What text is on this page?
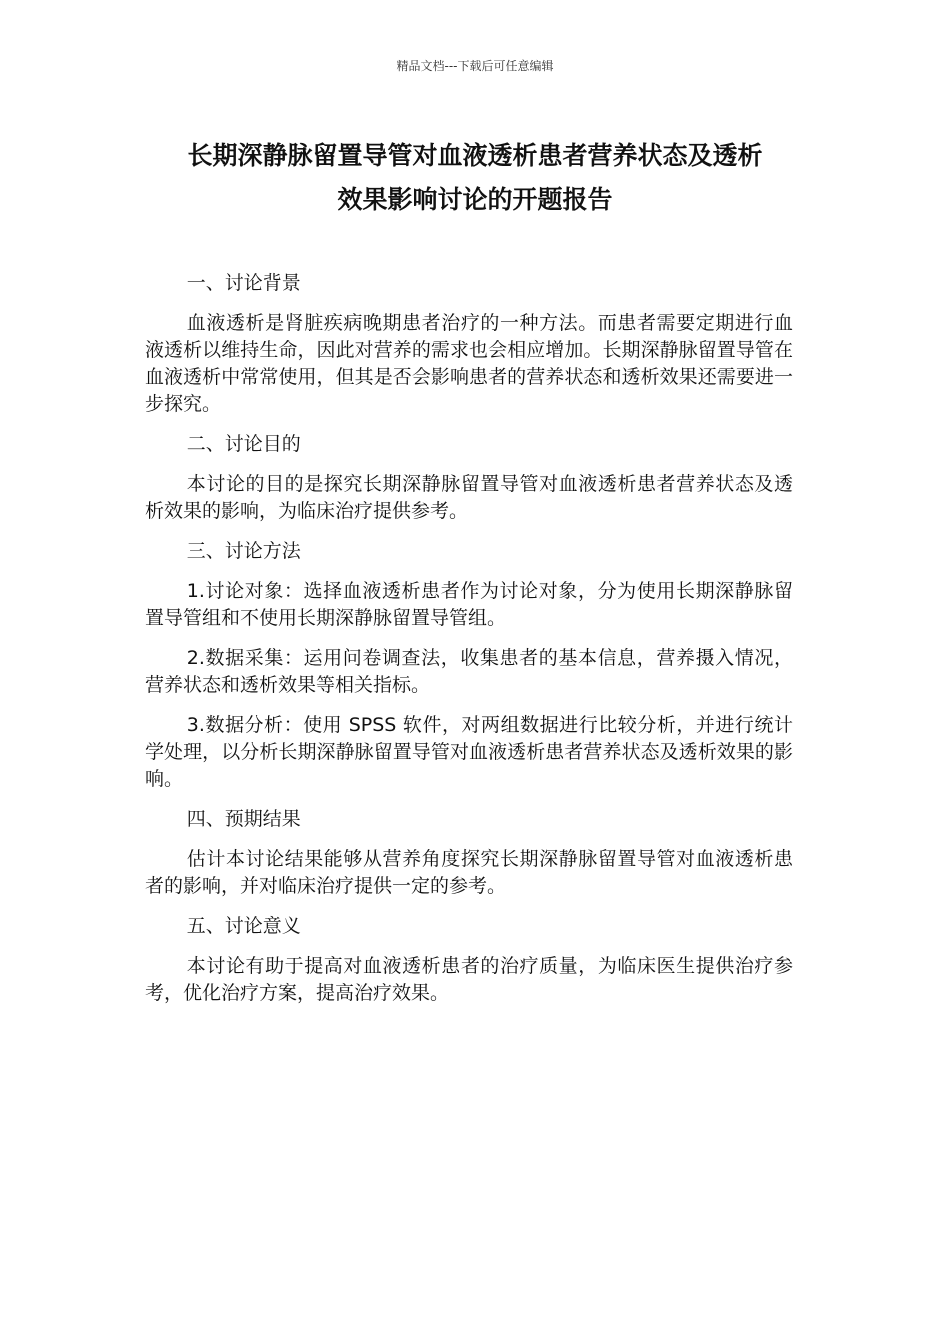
精品文档---下载后可任意编辑
长期深静脉留置导管对血液透析患者营养状态及透析
效果影响讨论的开题报告

一、讨论背景

血液透析是肾脏疾病晚期患者治疗的一种方法。而患者需要定期进行血液透析以维持生命，因此对营养的需求也会相应增加。长期深静脉留置导管在血液透析中常常使用，但其是否会影响患者的营养状态和透析效果还需要进一步探究。

二、讨论目的

本讨论的目的是探究长期深静脉留置导管对血液透析患者营养状态及透析效果的影响，为临床治疗提供参考。

三、讨论方法

1.讨论对象：选择血液透析患者作为讨论对象，分为使用长期深静脉留置导管组和不使用长期深静脉留置导管组。

2.数据采集：运用问卷调查法，收集患者的基本信息，营养摄入情况，营养状态和透析效果等相关指标。

3.数据分析：使用 SPSS 软件，对两组数据进行比较分析，并进行统计学处理，以分析长期深静脉留置导管对血液透析患者营养状态及透析效果的影响。

四、预期结果

估计本讨论结果能够从营养角度探究长期深静脉留置导管对血液透析患者的影响，并对临床治疗提供一定的参考。

五、讨论意义

本讨论有助于提高对血液透析患者的治疗质量，为临床医生提供治疗参考，优化治疗方案，提高治疗效果。
